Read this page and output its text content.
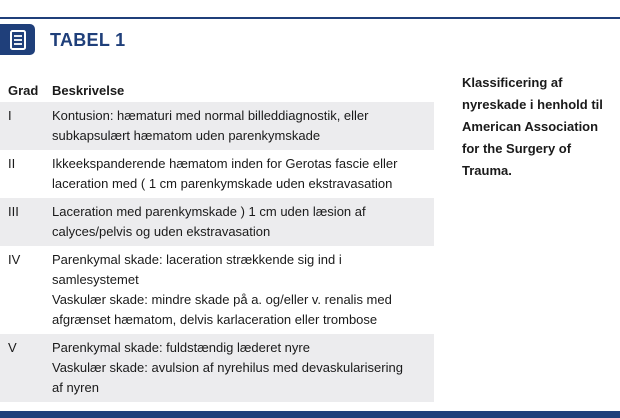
TABEL 1
Grad	Beskrivelse
I	Kontusion: hæmaturi med normal billeddiagnostik, eller
subkapsulært hæmatom uden parenkymskade
II	Ikkeekspanderende hæmatom inden for Gerotas fascie eller
laceration med ( 1 cm parenkymskade uden ekstravasation
III	Laceration med parenkymskade ) 1 cm uden læsion af
calyces/pelvis og uden ekstravasation
IV	Parenkymal skade: laceration strækkende sig ind i
samlesystemet
Vaskulær skade: mindre skade på a. og/eller v. renalis med
afgrænset hæmatom, delvis karlaceration eller trombose
V	Parenkymal skade: fuldstændig læderet nyre
Vaskulær skade: avulsion af nyrehilus med devaskularisering
af nyren
Klassificering af nyreskade i henhold til American Association for the Surgery of Trauma.
